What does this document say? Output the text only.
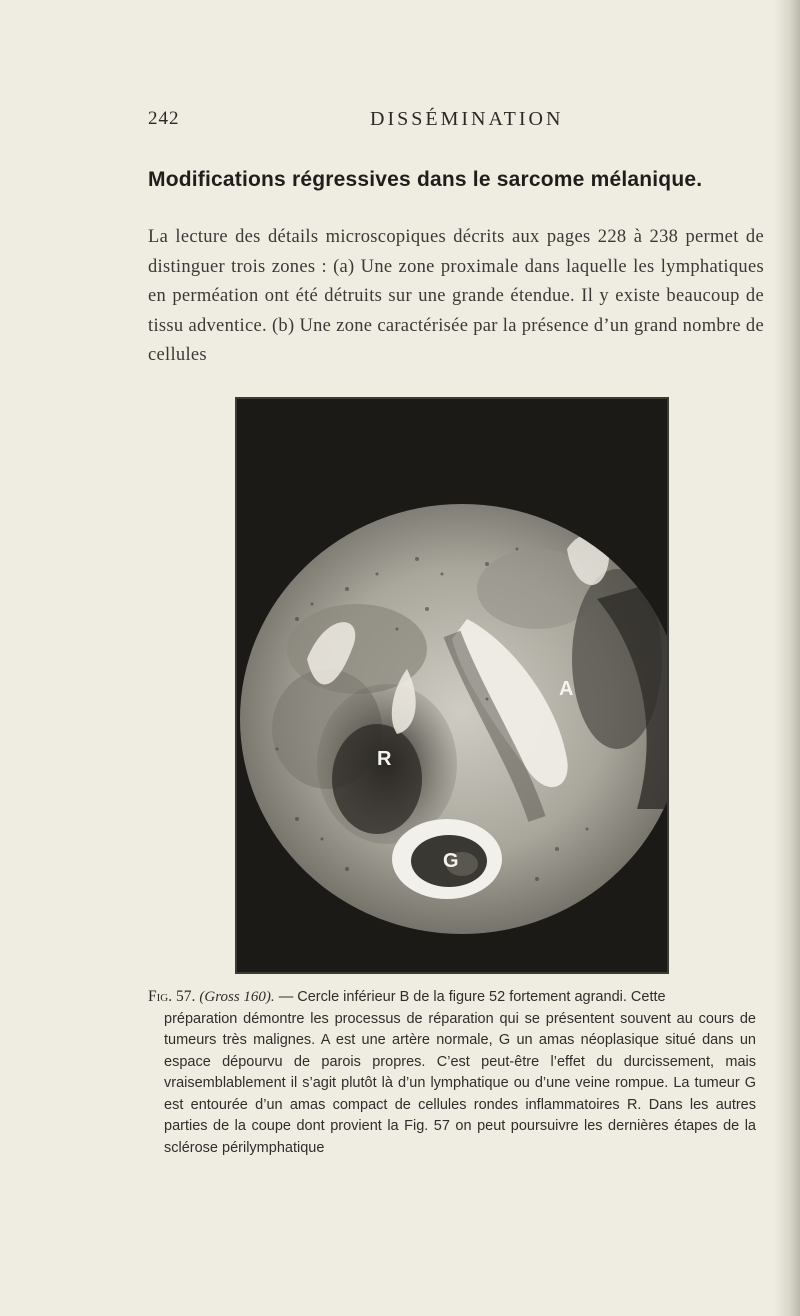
242	DISSÉMINATION
Modifications régressives dans le sarcome mélanique.
La lecture des détails microscopiques décrits aux pages 228 à 238 permet de distinguer trois zones : (a) Une zone proximale dans laquelle les lymphatiques en perméation ont été détruits sur une grande étendue. Il y existe beaucoup de tissu adventice. (b) Une zone caractérisée par la présence d’un grand nombre de cellules
A
R
G
Fig. 57. (Gross 160). — Cercle inférieur B de la figure 52 fortement agrandi. Cette
préparation démontre les processus de réparation qui se présentent souvent au cours de tumeurs très malignes. A est une artère normale, G un amas néoplasique situé dans un espace dépourvu de parois propres. C’est peut-être l’effet du durcissement, mais vraisemblablement il s’agit plutôt là d’un lymphatique ou d’une veine rompue. La tumeur G est entourée d’un amas compact de cellules rondes inflammatoires R. Dans les autres parties de la coupe dont provient la Fig. 57 on peut poursuivre les dernières étapes de la sclérose périlymphatique
